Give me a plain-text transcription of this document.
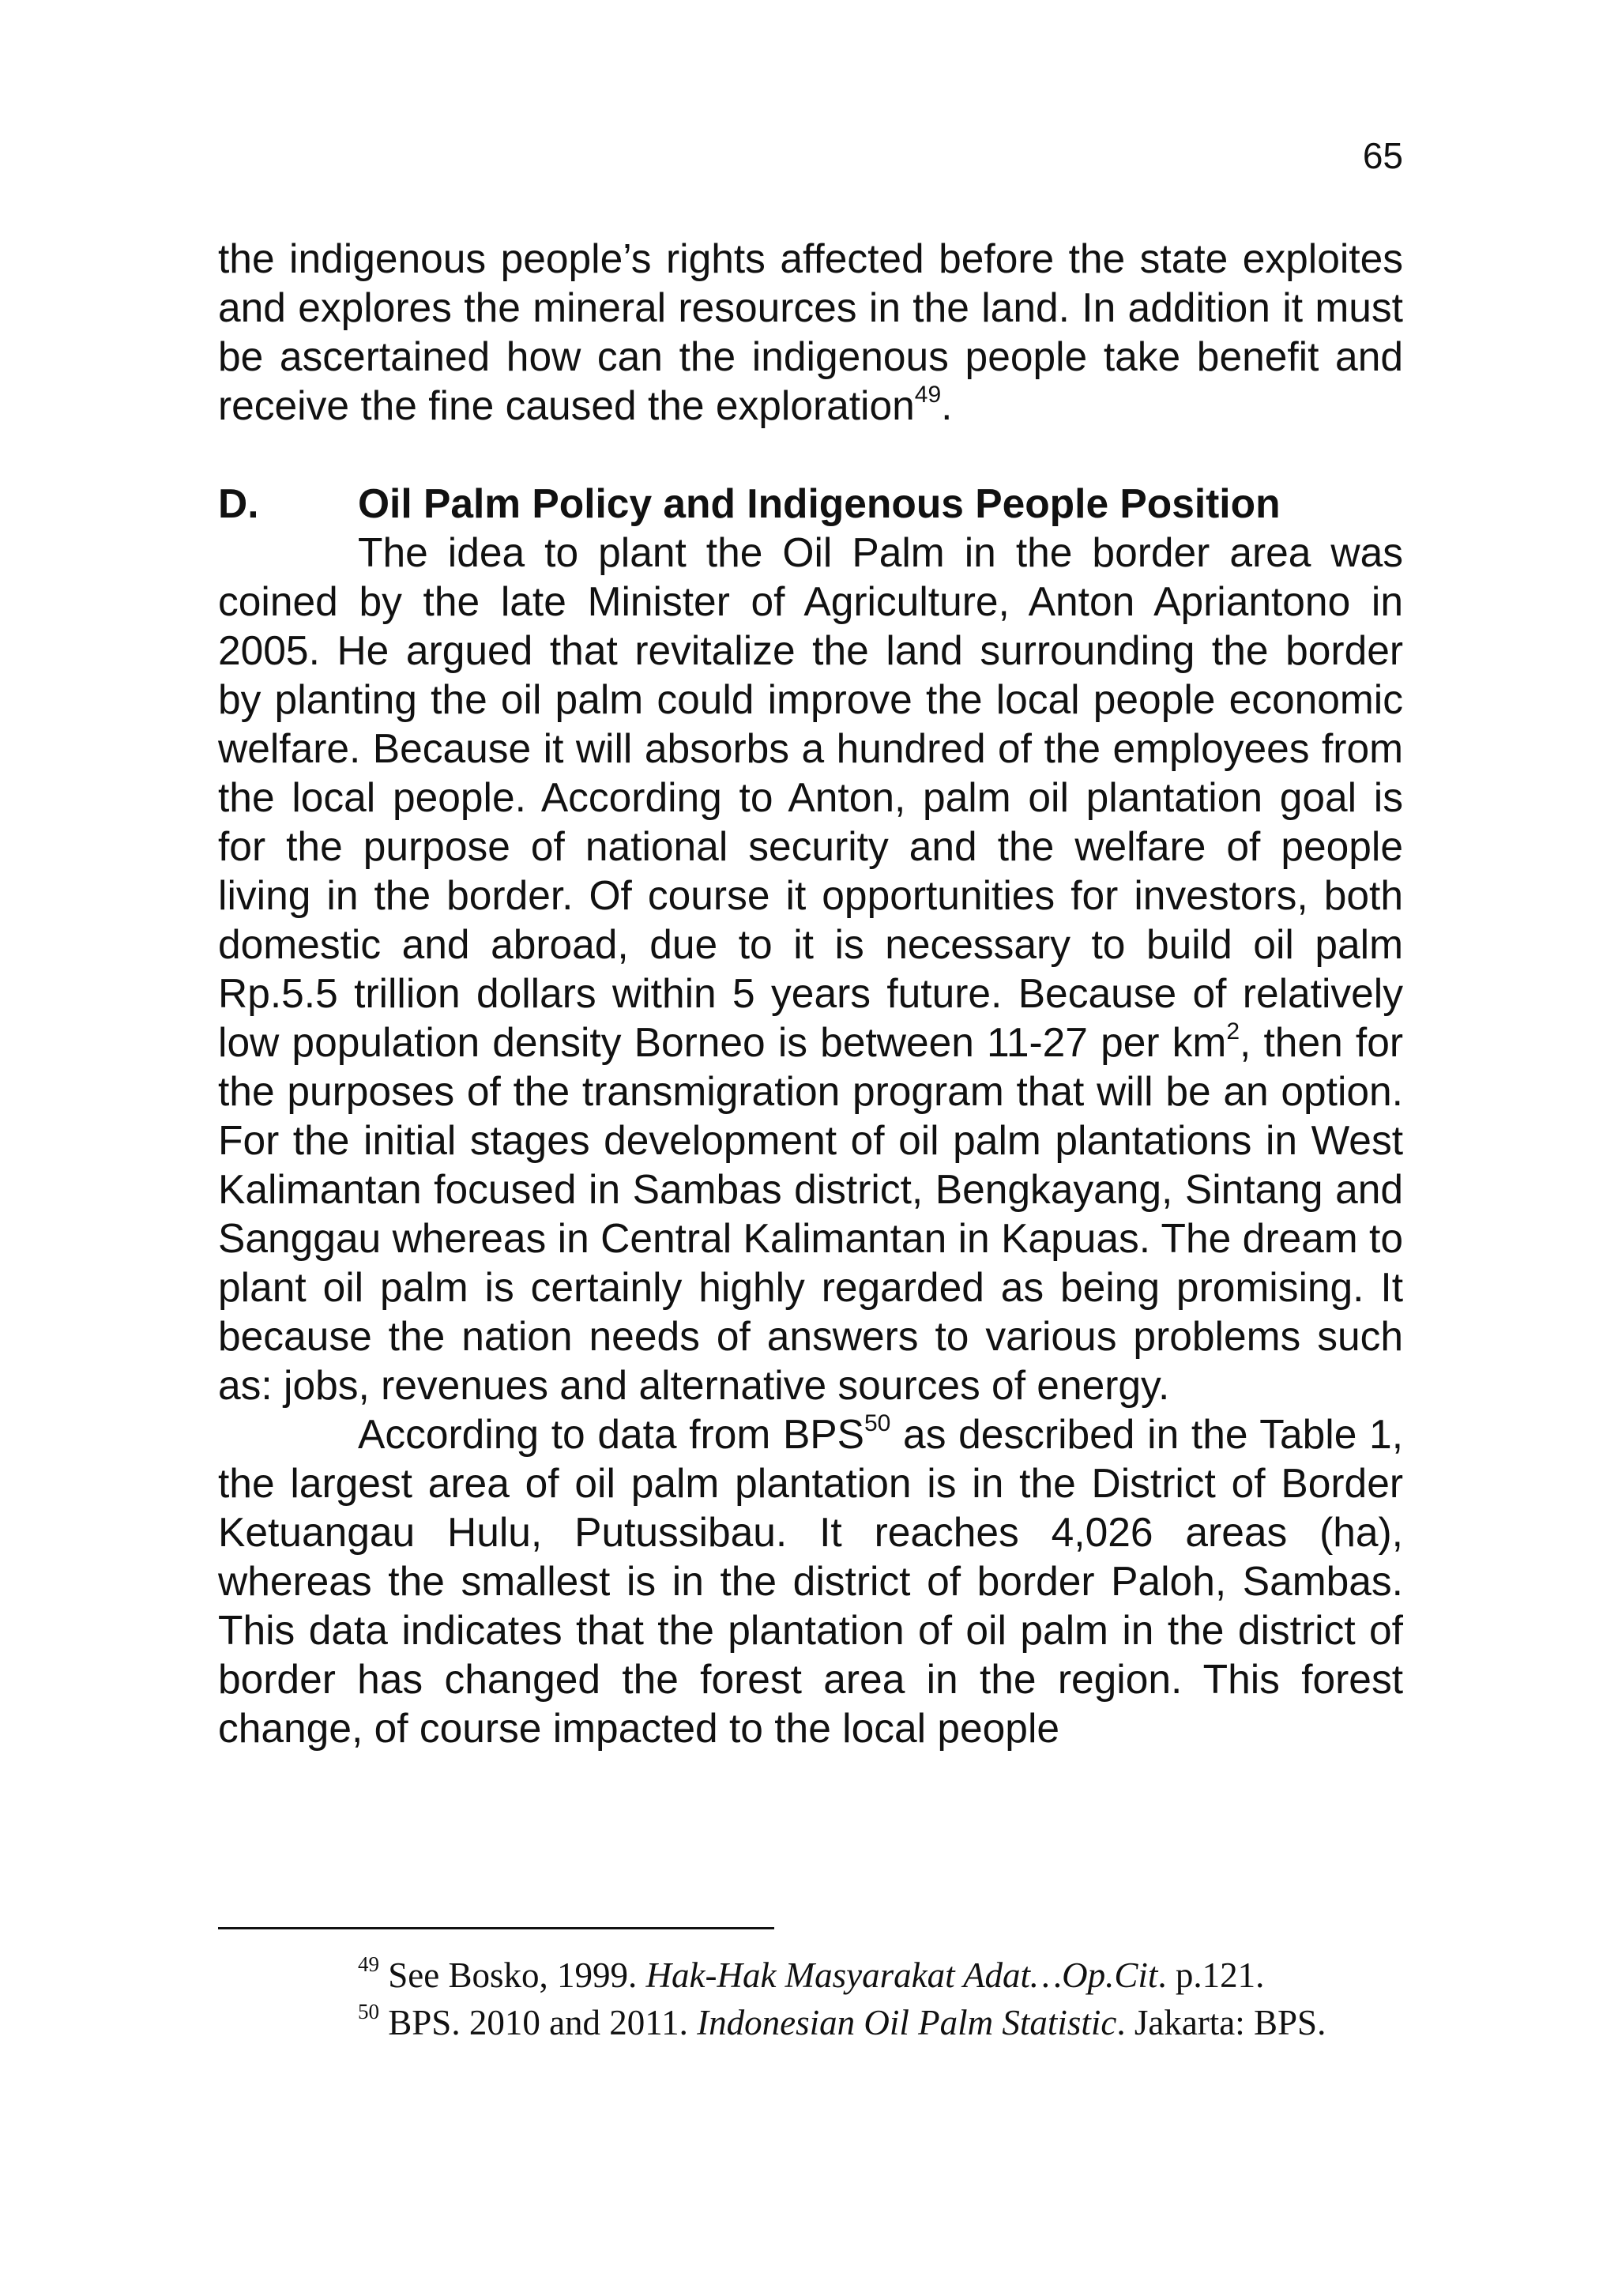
65

the indigenous people’s rights affected before the state exploites and explores the mineral resources in the land. In addition it must be ascertained how can the indigenous people take benefit and receive the fine caused the exploration$^{49}$.

D.	Oil Palm Policy and Indigenous People Position

The idea to plant the Oil Palm in the border area was coined by the late Minister of Agriculture, Anton Apriantono in 2005. He argued that revitalize the land surrounding the border by planting the oil palm could improve the local people economic welfare. Because it will absorbs a hundred of the employees from the local people. According to Anton, palm oil plantation goal is for the purpose of national security and the welfare of people living in the border. Of course it opportunities for investors, both domestic and abroad, due to it is necessary to build oil palm Rp.5.5 trillion dollars within 5 years future. Because of relatively low population density Borneo is between 11-27 per $km^2$, then for the purposes of the transmigration program that will be an option. For the initial stages development of oil palm plantations in West Kalimantan focused in Sambas district, Bengkayang, Sintang and Sanggau whereas in Central Kalimantan in Kapuas. The dream to plant oil palm is certainly highly regarded as being promising. It because the nation needs of answers to various problems such as: jobs, revenues and alternative sources of energy.

According to data from BPS$^{50}$ as described in the Table 1, the largest area of oil palm plantation is in the District of Border Ketuangau Hulu, Putussibau. It reaches 4,026 areas (ha), whereas the smallest is in the district of border Paloh, Sambas. This data indicates that the plantation of oil palm in the district of border has changed the forest area in the region. This forest change, of course impacted to the local people

$^{49}$ See Bosko, 1999. Hak-Hak Masyarakat Adat…Op.Cit. p.121.

$^{50}$ BPS. 2010 and 2011. Indonesian Oil Palm Statistic. Jakarta: BPS.
